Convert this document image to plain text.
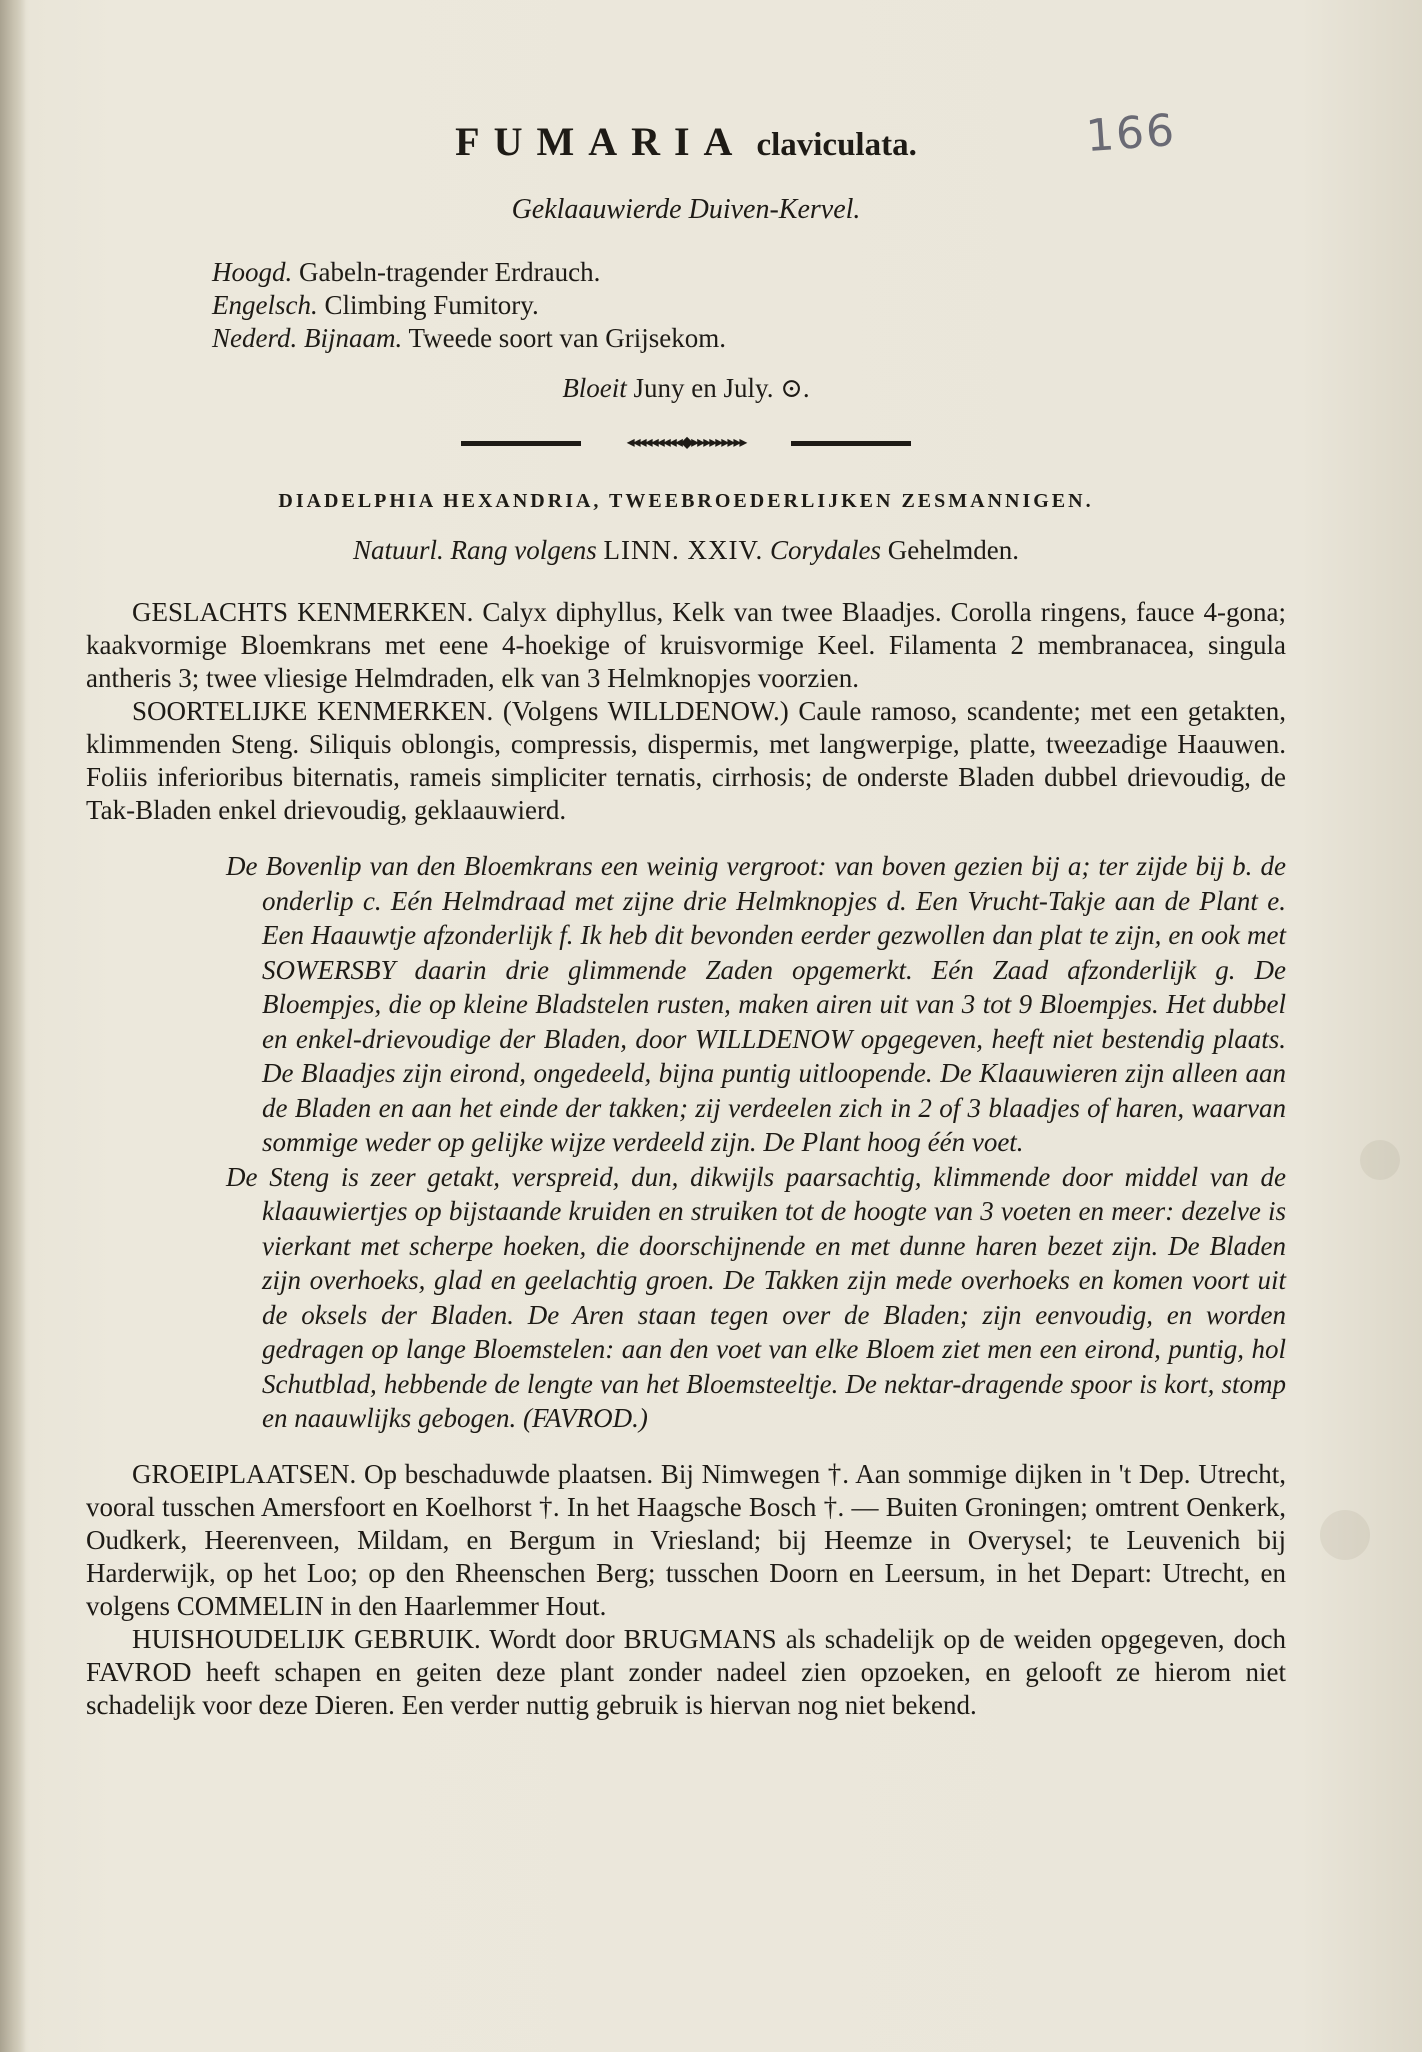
FUMARIA claviculata.	166
Geklaauwierde Duiven-Kervel.
Hoogd. Gabeln-tragender Erdrauch.
Engelsch. Climbing Fumitory.
Nederd. Bijnaam. Tweede soort van Grijsekom.
Bloeit Juny en July. ⊙.
◂◂◂◂◂◂◂◂◂◆▸▸▸▸▸▸▸▸▸
DIADELPHIA HEXANDRIA, TWEEBROEDERLIJKEN ZESMANNIGEN.
Natuurl. Rang volgens LINN. XXIV. Corydales Gehelmden.

GESLACHTS KENMERKEN. Calyx diphyllus, Kelk van twee Blaadjes. Corolla ringens, fauce 4-gona; kaakvormige Bloemkrans met eene 4-hoekige of kruisvormige Keel. Filamenta 2 membranacea, singula antheris 3; twee vliesige Helmdraden, elk van 3 Helmknopjes voorzien.

SOORTELIJKE KENMERKEN. (Volgens WILLDENOW.) Caule ramoso, scandente; met een getakten, klimmenden Steng. Siliquis oblongis, compressis, dispermis, met langwerpige, platte, tweezadige Haauwen. Foliis inferioribus biternatis, rameis simpliciter ternatis, cirrhosis; de onderste Bladen dubbel drievoudig, de Tak-Bladen enkel drievoudig, geklaauwierd.

De Bovenlip van den Bloemkrans een weinig vergroot: van boven gezien bij a; ter zijde bij b. de onderlip c. Eén Helmdraad met zijne drie Helmknopjes d. Een Vrucht-Takje aan de Plant e. Een Haauwtje afzonderlijk f. Ik heb dit bevonden eerder gezwollen dan plat te zijn, en ook met SOWERSBY daarin drie glimmende Zaden opgemerkt. Eén Zaad afzonderlijk g. De Bloempjes, die op kleine Bladstelen rusten, maken airen uit van 3 tot 9 Bloempjes. Het dubbel en enkel-drievoudige der Bladen, door WILLDENOW opgegeven, heeft niet bestendig plaats. De Blaadjes zijn eirond, ongedeeld, bijna puntig uitloopende. De Klaauwieren zijn alleen aan de Bladen en aan het einde der takken; zij verdeelen zich in 2 of 3 blaadjes of haren, waarvan sommige weder op gelijke wijze verdeeld zijn. De Plant hoog één voet.

De Steng is zeer getakt, verspreid, dun, dikwijls paarsachtig, klimmende door middel van de klaauwiertjes op bijstaande kruiden en struiken tot de hoogte van 3 voeten en meer: dezelve is vierkant met scherpe hoeken, die doorschijnende en met dunne haren bezet zijn. De Bladen zijn overhoeks, glad en geelachtig groen. De Takken zijn mede overhoeks en komen voort uit de oksels der Bladen. De Aren staan tegen over de Bladen; zijn eenvoudig, en worden gedragen op lange Bloemstelen: aan den voet van elke Bloem ziet men een eirond, puntig, hol Schutblad, hebbende de lengte van het Bloemsteeltje. De nektar-dragende spoor is kort, stomp en naauwlijks gebogen. (FAVROD.)

GROEIPLAATSEN. Op beschaduwde plaatsen. Bij Nimwegen †. Aan sommige dijken in 't Dep. Utrecht, vooral tusschen Amersfoort en Koelhorst †. In het Haagsche Bosch †. — Buiten Groningen; omtrent Oenkerk, Oudkerk, Heerenveen, Mildam, en Bergum in Vriesland; bij Heemze in Overysel; te Leuvenich bij Harderwijk, op het Loo; op den Rheenschen Berg; tusschen Doorn en Leersum, in het Depart: Utrecht, en volgens COMMELIN in den Haarlemmer Hout.

HUISHOUDELIJK GEBRUIK. Wordt door BRUGMANS als schadelijk op de weiden opgegeven, doch FAVROD heeft schapen en geiten deze plant zonder nadeel zien opzoeken, en gelooft ze hierom niet schadelijk voor deze Dieren. Een verder nuttig gebruik is hiervan nog niet bekend.
